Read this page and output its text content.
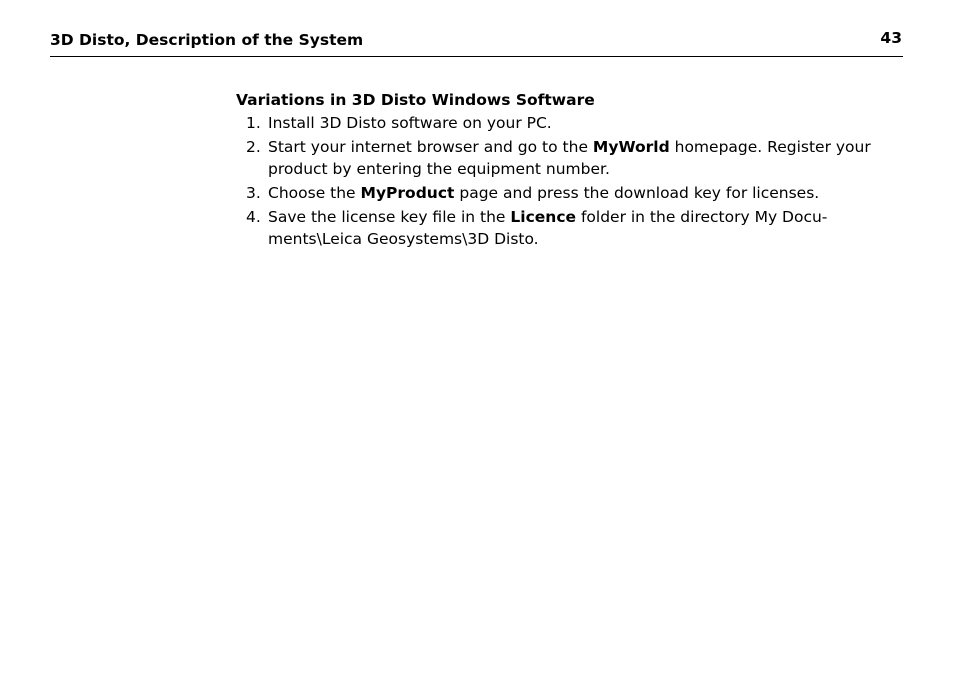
3D Disto, Description of the System	43
Variations in 3D Disto Windows Software
1. Install 3D Disto software on your PC.
2. Start your internet browser and go to the MyWorld homepage. Register your product by entering the equipment number.
3. Choose the MyProduct page and press the download key for licenses.
4. Save the license key file in the Licence folder in the directory My Docu-ments\Leica Geosystems\3D Disto.
